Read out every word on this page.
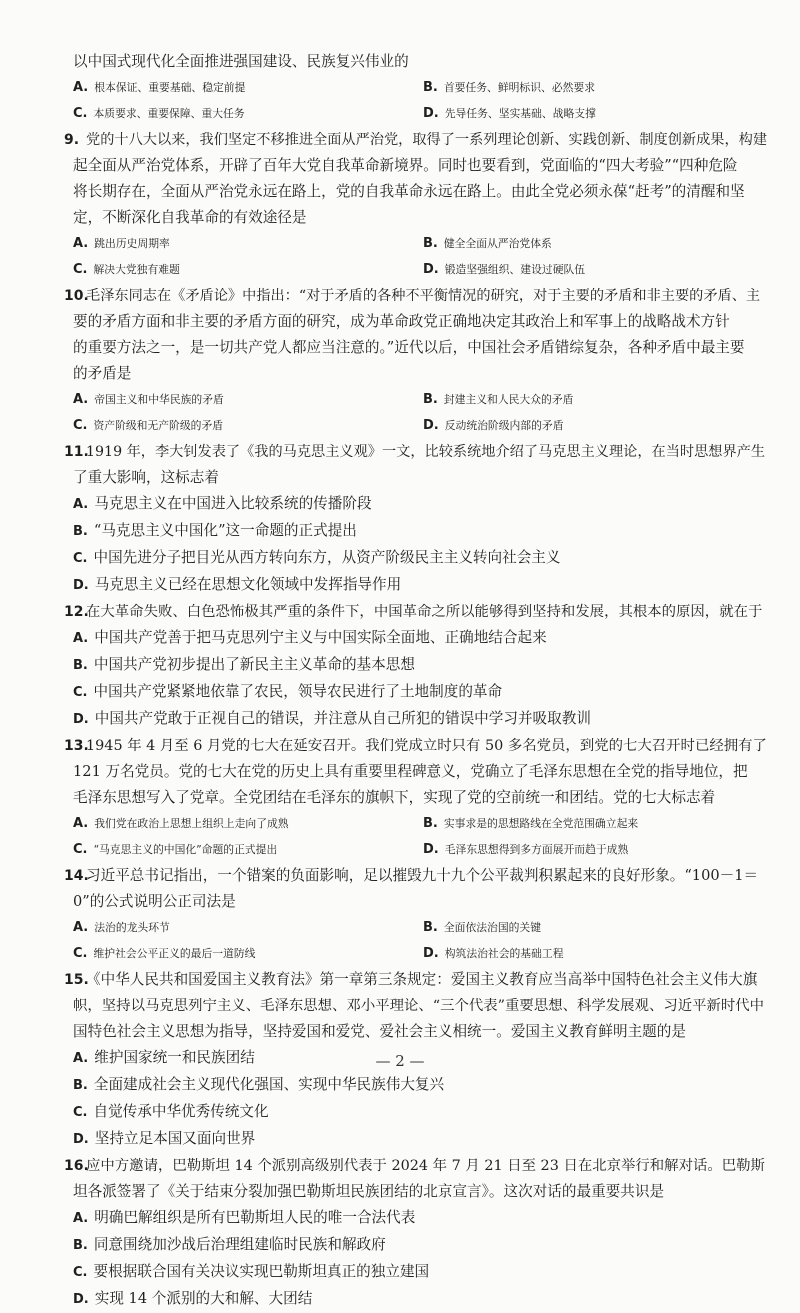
以中国式现代化全面推进强国建设、民族复兴伟业的
A. 根本保证、重要基础、稳定前提	B. 首要任务、鲜明标识、必然要求
C. 本质要求、重要保障、重大任务	D. 先导任务、坚实基础、战略支撑
9. 党的十八大以来，我们坚定不移推进全面从严治党，取得了一系列理论创新、实践创新、制度创新成果，构建
起全面从严治党体系，开辟了百年大党自我革命新境界。同时也要看到，党面临的“四大考验”“四种危险
将长期存在，全面从严治党永远在路上，党的自我革命永远在路上。由此全党必须永葆“赶考”的清醒和坚
定，不断深化自我革命的有效途径是
A. 跳出历史周期率	B. 健全全面从严治党体系
C. 解决大党独有难题	D. 锻造坚强组织、建设过硬队伍
10.毛泽东同志在《矛盾论》中指出：“对于矛盾的各种不平衡情况的研究，对于主要的矛盾和非主要的矛盾、主
要的矛盾方面和非主要的矛盾方面的研究，成为革命政党正确地决定其政治上和军事上的战略战术方针
的重要方法之一，是一切共产党人都应当注意的。”近代以后，中国社会矛盾错综复杂，各种矛盾中最主要
的矛盾是
A. 帝国主义和中华民族的矛盾	B. 封建主义和人民大众的矛盾
C. 资产阶级和无产阶级的矛盾	D. 反动统治阶级内部的矛盾
11.1919 年，李大钊发表了《我的马克思主义观》一文，比较系统地介绍了马克思主义理论，在当时思想界产生
了重大影响，这标志着
A. 马克思主义在中国进入比较系统的传播阶段
B. “马克思主义中国化”这一命题的正式提出
C. 中国先进分子把目光从西方转向东方，从资产阶级民主主义转向社会主义
D. 马克思主义已经在思想文化领域中发挥指导作用
12.在大革命失败、白色恐怖极其严重的条件下，中国革命之所以能够得到坚持和发展，其根本的原因，就在于
A. 中国共产党善于把马克思列宁主义与中国实际全面地、正确地结合起来
B. 中国共产党初步提出了新民主主义革命的基本思想
C. 中国共产党紧紧地依靠了农民，领导农民进行了土地制度的革命
D. 中国共产党敢于正视自己的错误，并注意从自己所犯的错误中学习并吸取教训
13.1945 年 4 月至 6 月党的七大在延安召开。我们党成立时只有 50 多名党员，到党的七大召开时已经拥有了
121 万名党员。党的七大在党的历史上具有重要里程碑意义，党确立了毛泽东思想在全党的指导地位，把
毛泽东思想写入了党章。全党团结在毛泽东的旗帜下，实现了党的空前统一和团结。党的七大标志着
A. 我们党在政治上思想上组织上走向了成熟	B. 实事求是的思想路线在全党范围确立起来
C. “马克思主义的中国化”命题的正式提出	D. 毛泽东思想得到多方面展开而趋于成熟
14.习近平总书记指出，一个错案的负面影响，足以摧毁九十九个公平裁判积累起来的良好形象。“100－1＝
0”的公式说明公正司法是
A. 法治的龙头环节	B. 全面依法治国的关键
C. 维护社会公平正义的最后一道防线	D. 构筑法治社会的基础工程
15.《中华人民共和国爱国主义教育法》第一章第三条规定：爱国主义教育应当高举中国特色社会主义伟大旗
帜，坚持以马克思列宁主义、毛泽东思想、邓小平理论、“三个代表”重要思想、科学发展观、习近平新时代中
国特色社会主义思想为指导，坚持爱国和爱党、爱社会主义相统一。爱国主义教育鲜明主题的是
A. 维护国家统一和民族团结
B. 全面建成社会主义现代化强国、实现中华民族伟大复兴
C. 自觉传承中华优秀传统文化
D. 坚持立足本国又面向世界
16.应中方邀请，巴勒斯坦 14 个派别高级别代表于 2024 年 7 月 21 日至 23 日在北京举行和解对话。巴勒斯
坦各派签署了《关于结束分裂加强巴勒斯坦民族团结的北京宣言》。这次对话的最重要共识是
A. 明确巴解组织是所有巴勒斯坦人民的唯一合法代表
B. 同意围绕加沙战后治理组建临时民族和解政府
C. 要根据联合国有关决议实现巴勒斯坦真正的独立建国
D. 实现 14 个派别的大和解、大团结
— 2 —
